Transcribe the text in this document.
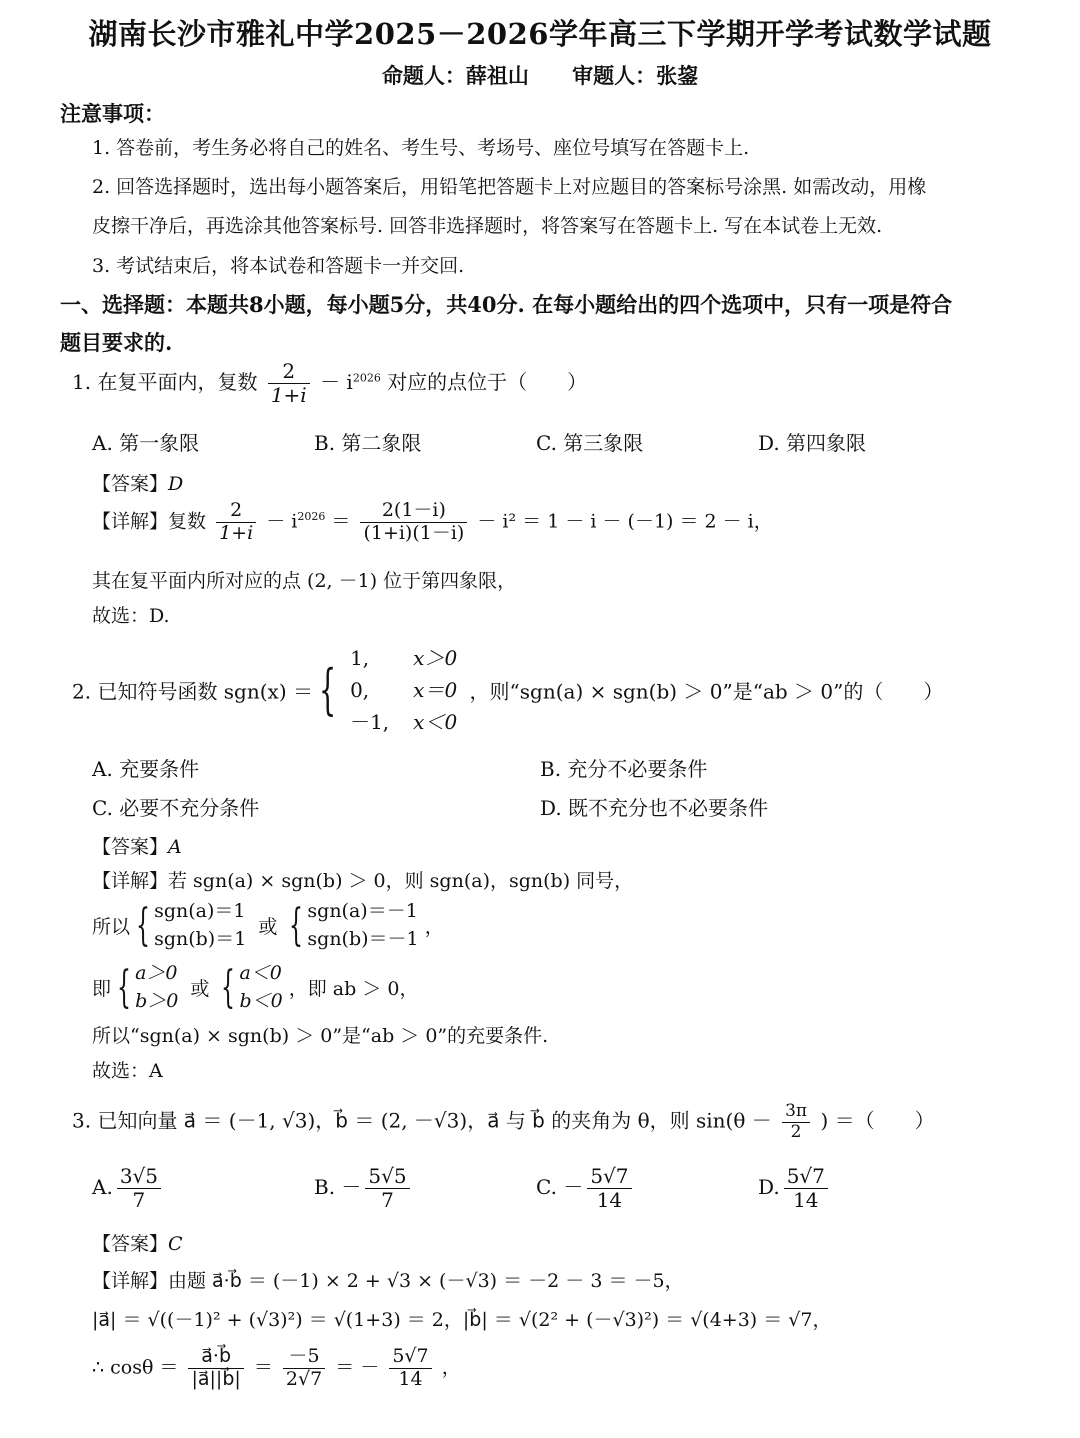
湖南长沙市雅礼中学2025－2026学年高三下学期开学考试数学试题
命题人：薛祖山 审题人：张鋆
注意事项：
1. 答卷前，考生务必将自己的姓名、考生号、考场号、座位号填写在答题卡上.
2. 回答选择题时，选出每小题答案后，用铅笔把答题卡上对应题目的答案标号涂黑. 如需改动，用橡
皮擦干净后，再选涂其他答案标号. 回答非选择题时，将答案写在答题卡上. 写在本试卷上无效.
3. 考试结束后，将本试卷和答题卡一并交回.
一、选择题：本题共8小题，每小题5分，共40分. 在每小题给出的四个选项中，只有一项是符合
题目要求的.
1. 在复平面内，复数 $\frac{2}{1+i} - i^{2026}$ 对应的点位于（　　）
A. 第一象限	B. 第二象限	C. 第三象限	D. 第四象限
【答案】D
【详解】复数 $\frac{2}{1+i} - i^{2026} = \frac{2(1-i)}{(1+i)(1-i)} - i^2 = 1 - i - (-1) = 2 - i$，
其在复平面内所对应的点 (2, －1) 位于第四象限，
故选：D.
2. 已知符号函数 sgn(x) ＝ { 1,	x＞0
0,	x＝0
－1,	x＜0 ，则“sgn(a) × sgn(b) ＞ 0”是“ab ＞ 0”的（　　）
A. 充要条件	B. 充分不必要条件
C. 必要不充分条件	D. 既不充分也不必要条件
【答案】A
【详解】若 sgn(a) × sgn(b) ＞ 0，则 sgn(a)，sgn(b) 同号，
所以 { sgn(a)＝1
sgn(b)＝1 或 { sgn(a)＝－1
sgn(b)＝－1 ，
即 { a＞0
b＞0 或 { a＜0
b＜0 ，即 ab ＞ 0，
所以“sgn(a) × sgn(b) ＞ 0”是“ab ＞ 0”的充要条件.
故选：A
3. 已知向量 a⃗ ＝ (－1, √3)，b⃗ ＝ (2, －√3)，a⃗ 与 b⃗ 的夹角为 θ，则 $\sin(\theta - \frac{3\pi}{2}$ ) ＝（　　）
A. $\frac{3√5}{7}$	B. － $\frac{5√5}{7}$	C. － $\frac{5√7}{14}$	D. $\frac{5√7}{14}$
【答案】C
【详解】由题 a⃗·b⃗ ＝ (－1) × 2 + √3 × (－√3) ＝ －2 － 3 ＝ －5，
|a⃗| ＝ √((－1)² + (√3)²) ＝ √(1+3) ＝ 2，|b⃗| ＝ √(2² + (－√3)²) ＝ √(4+3) ＝ √7，
∴ $\cos\theta = \frac{a⃗\cdot b⃗}{|a⃗||b⃗|} = \frac{-5}{2√7}$ ＝ － $\frac{5√7}{14}$ ，
